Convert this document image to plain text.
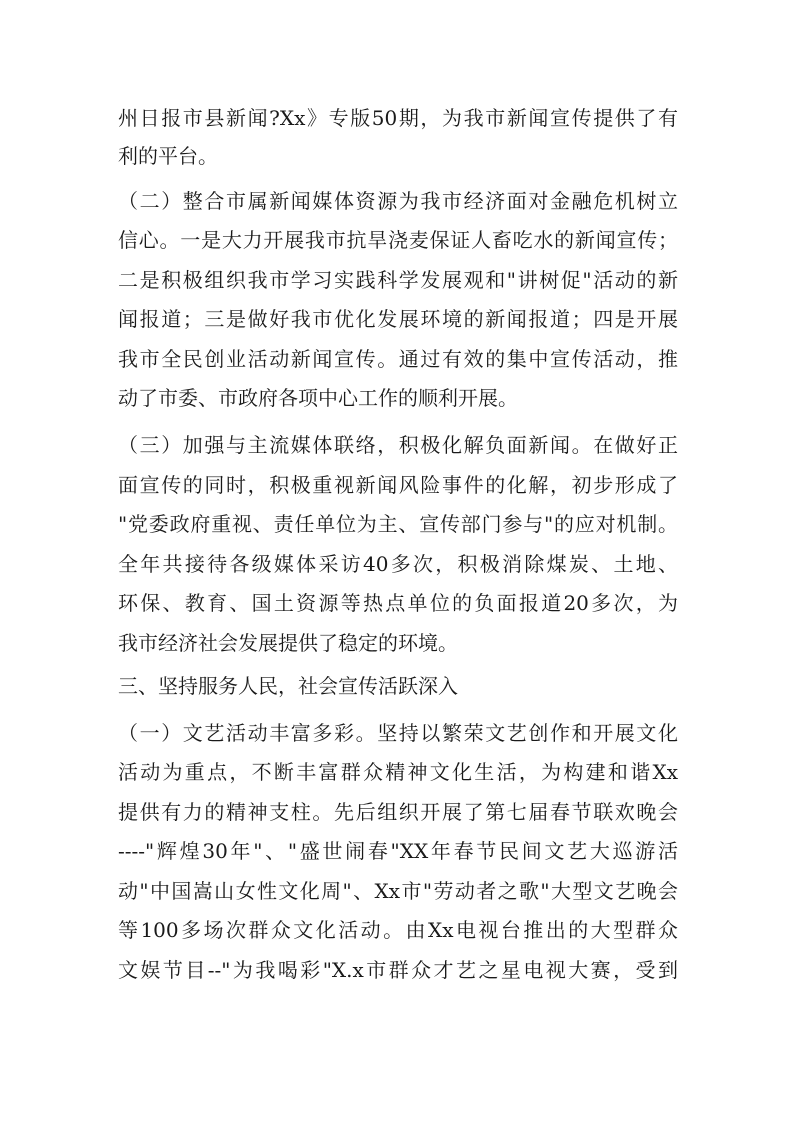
州日报市县新闻?Xx》专版50期，为我市新闻宣传提供了有
利的平台。
（二）整合市属新闻媒体资源为我市经济面对金融危机树立
信心。一是大力开展我市抗旱浇麦保证人畜吃水的新闻宣传；
二是积极组织我市学习实践科学发展观和"讲树促"活动的新
闻报道；三是做好我市优化发展环境的新闻报道；四是开展
我市全民创业活动新闻宣传。通过有效的集中宣传活动，推
动了市委、市政府各项中心工作的顺利开展。
（三）加强与主流媒体联络，积极化解负面新闻。在做好正
面宣传的同时，积极重视新闻风险事件的化解，初步形成了
"党委政府重视、责任单位为主、宣传部门参与"的应对机制。
全年共接待各级媒体采访40多次，积极消除煤炭、土地、
环保、教育、国土资源等热点单位的负面报道20多次，为
我市经济社会发展提供了稳定的环境。
三、坚持服务人民，社会宣传活跃深入
（一）文艺活动丰富多彩。坚持以繁荣文艺创作和开展文化
活动为重点，不断丰富群众精神文化生活，为构建和谐Xx
提供有力的精神支柱。先后组织开展了第七届春节联欢晚会
----"辉煌30年"、"盛世闹春"XX年春节民间文艺大巡游活
动"中国嵩山女性文化周"、Xx市"劳动者之歌"大型文艺晚会
等100多场次群众文化活动。由Xx电视台推出的大型群众
文娱节目--"为我喝彩"X.x市群众才艺之星电视大赛，受到
